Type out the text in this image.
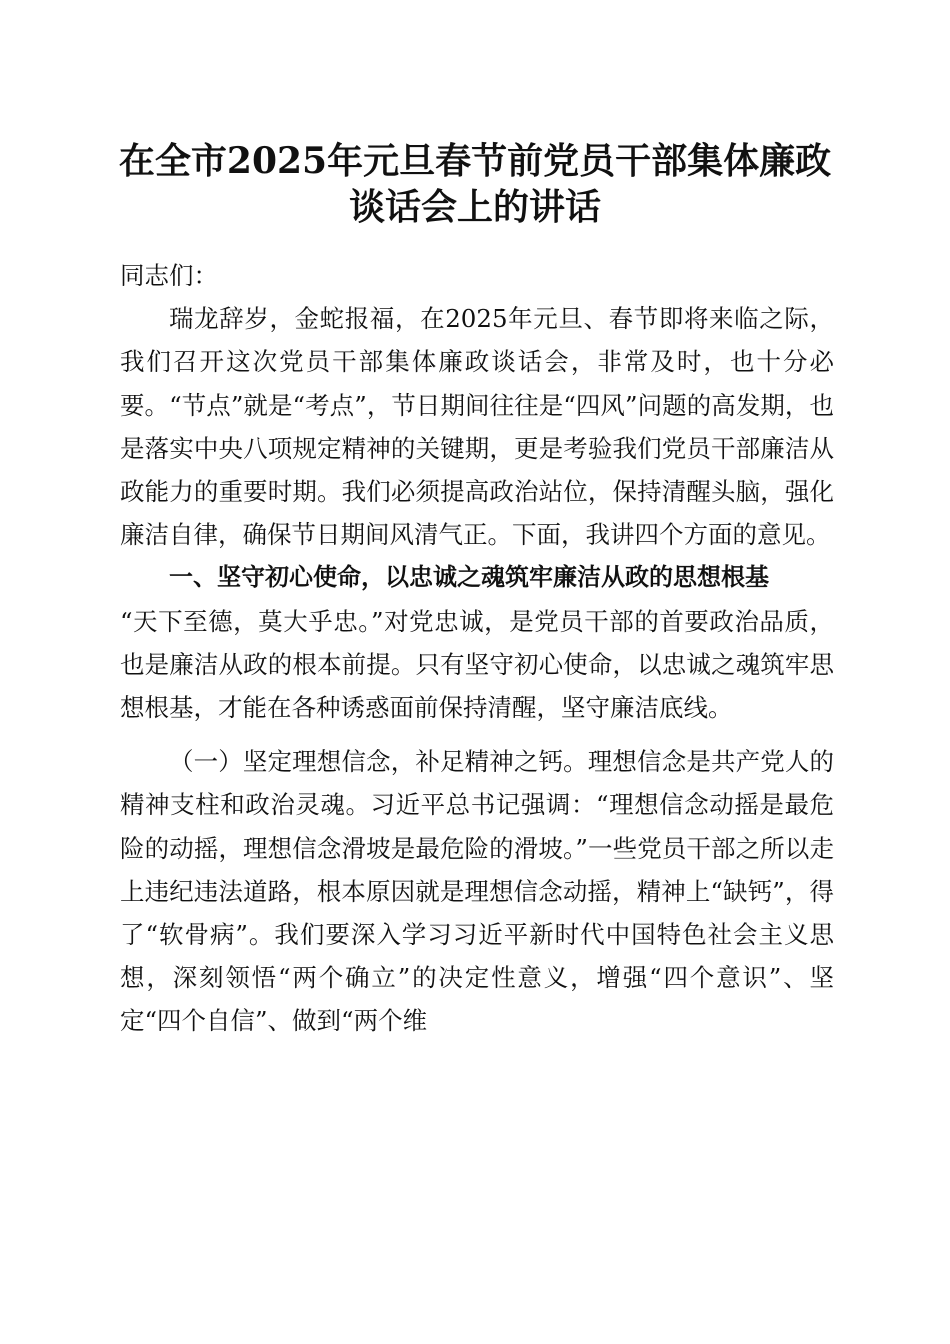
在全市2025年元旦春节前党员干部集体廉政
谈话会上的讲话

同志们：

瑞龙辞岁，金蛇报福，在2025年元旦、春节即将来临之际，我们召开这次党员干部集体廉政谈话会，非常及时，也十分必要。“节点”就是“考点”，节日期间往往是“四风”问题的高发期，也是落实中央八项规定精神的关键期，更是考验我们党员干部廉洁从政能力的重要时期。我们必须提高政治站位，保持清醒头脑，强化廉洁自律，确保节日期间风清气正。下面，我讲四个方面的意见。

一、坚守初心使命，以忠诚之魂筑牢廉洁从政的思想根基

“天下至德，莫大乎忠。”对党忠诚，是党员干部的首要政治品质，也是廉洁从政的根本前提。只有坚守初心使命，以忠诚之魂筑牢思想根基，才能在各种诱惑面前保持清醒，坚守廉洁底线。

（一）坚定理想信念，补足精神之钙。理想信念是共产党人的精神支柱和政治灵魂。习近平总书记强调：“理想信念动摇是最危险的动摇，理想信念滑坡是最危险的滑坡。”一些党员干部之所以走上违纪违法道路，根本原因就是理想信念动摇，精神上“缺钙”，得了“软骨病”。我们要深入学习习近平新时代中国特色社会主义思想，深刻领悟“两个确立”的决定性意义，增强“四个意识”、坚定“四个自信”、做到“两个维
